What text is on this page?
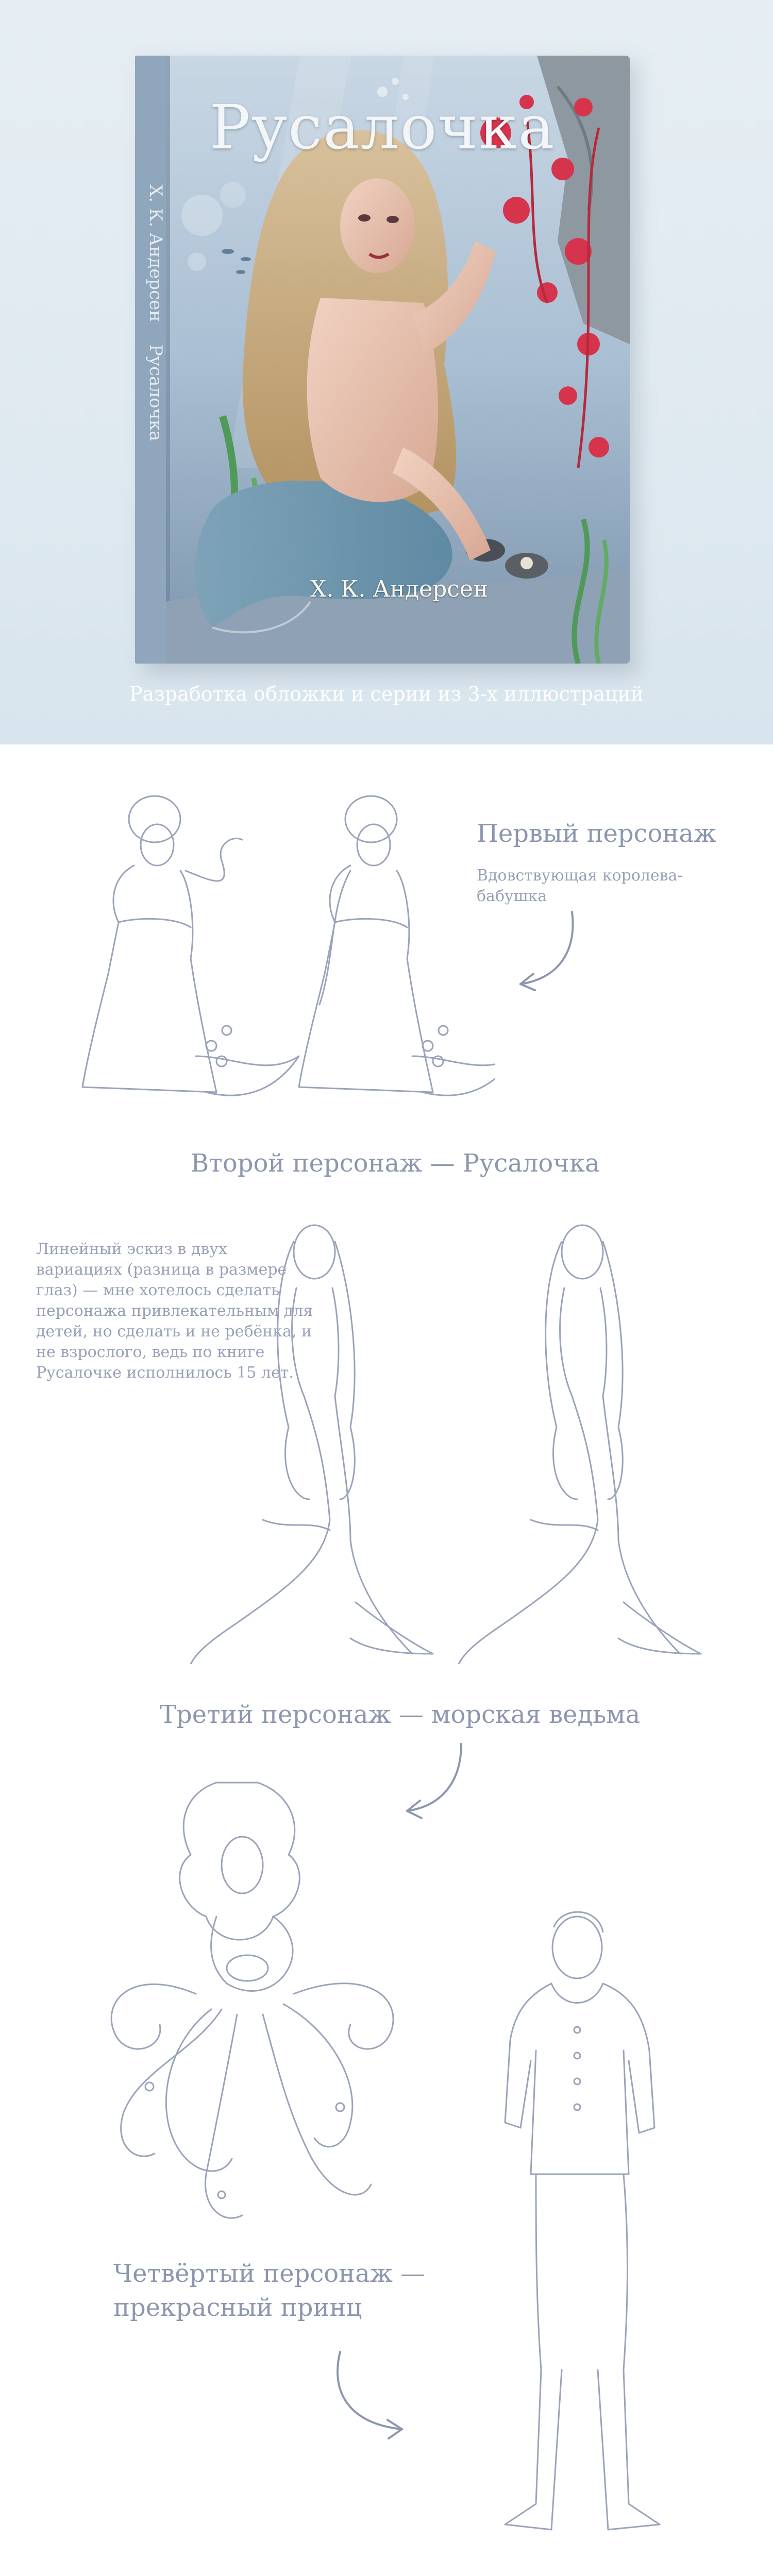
Русалочка
Х. К. Андерсен
Х. К. Андерсен    Русалочка
Разработка обложки и серии из 3-х иллюстраций
Первый персонаж
Вдовствующая королева-
бабушка
Второй персонаж — Русалочка
Линейный эскиз в двух вариациях (разница в размере глаз) — мне хотелось сделать персонажа привлекательным для детей, но сделать и не ребёнка, и не взрослого, ведь по книге Русалочке исполнилось 15 лет.
Третий персонаж — морская ведьма
Четвёртый персонаж —
прекрасный принц
